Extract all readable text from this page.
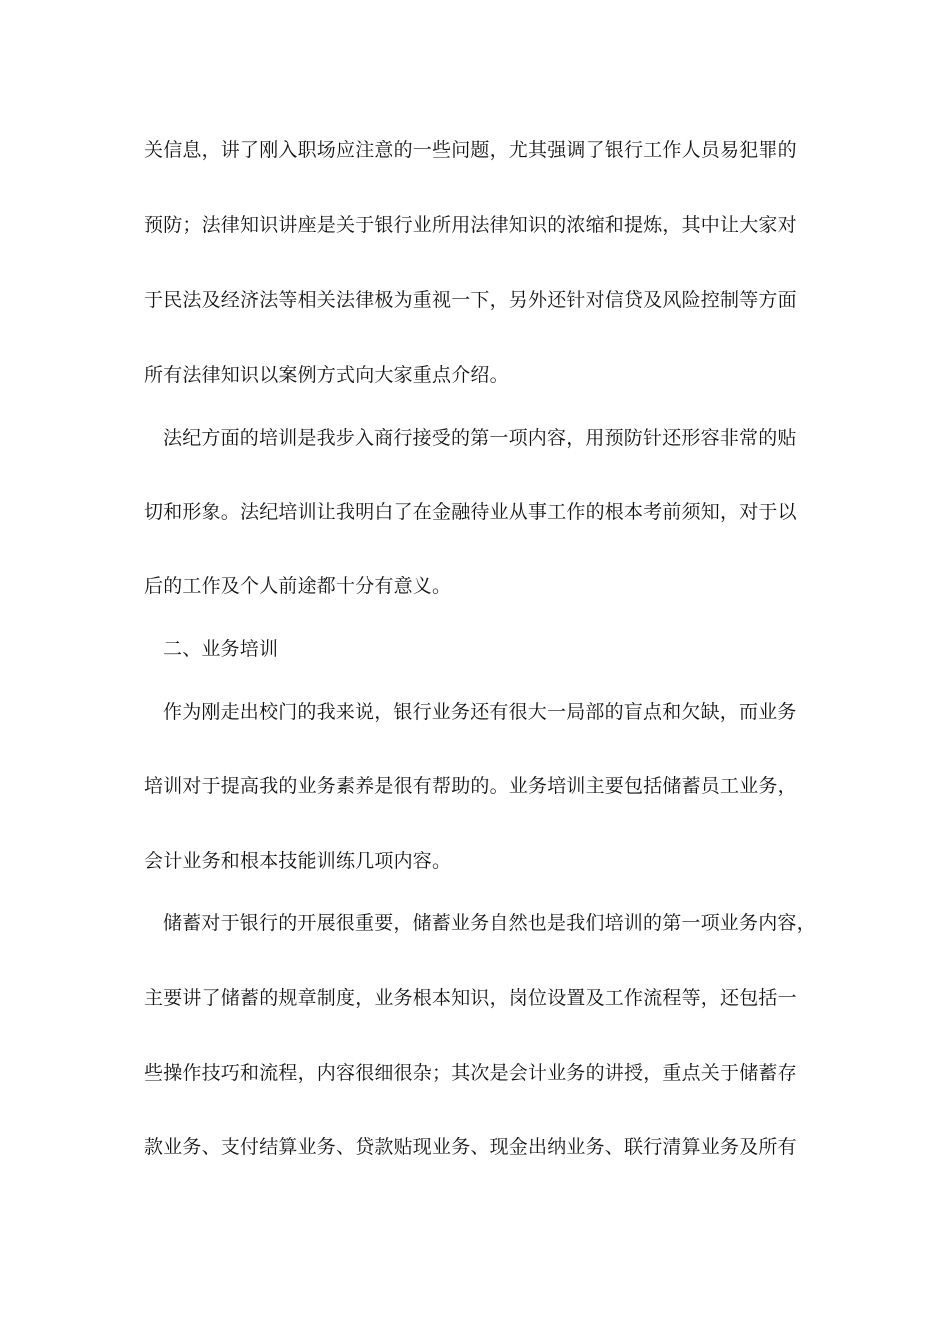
关信息，讲了刚入职场应注意的一些问题，尤其强调了银行工作人员易犯罪的
预防；法律知识讲座是关于银行业所用法律知识的浓缩和提炼，其中让大家对
于民法及经济法等相关法律极为重视一下，另外还针对信贷及风险控制等方面
所有法律知识以案例方式向大家重点介绍。
法纪方面的培训是我步入商行接受的第一项内容，用预防针还形容非常的贴
切和形象。法纪培训让我明白了在金融待业从事工作的根本考前须知，对于以
后的工作及个人前途都十分有意义。
二、业务培训
作为刚走出校门的我来说，银行业务还有很大一局部的盲点和欠缺，而业务
培训对于提高我的业务素养是很有帮助的。业务培训主要包括储蓄员工业务，
会计业务和根本技能训练几项内容。
储蓄对于银行的开展很重要，储蓄业务自然也是我们培训的第一项业务内容，
主要讲了储蓄的规章制度，业务根本知识，岗位设置及工作流程等，还包括一
些操作技巧和流程，内容很细很杂；其次是会计业务的讲授，重点关于储蓄存
款业务、支付结算业务、贷款贴现业务、现金出纳业务、联行清算业务及所有
